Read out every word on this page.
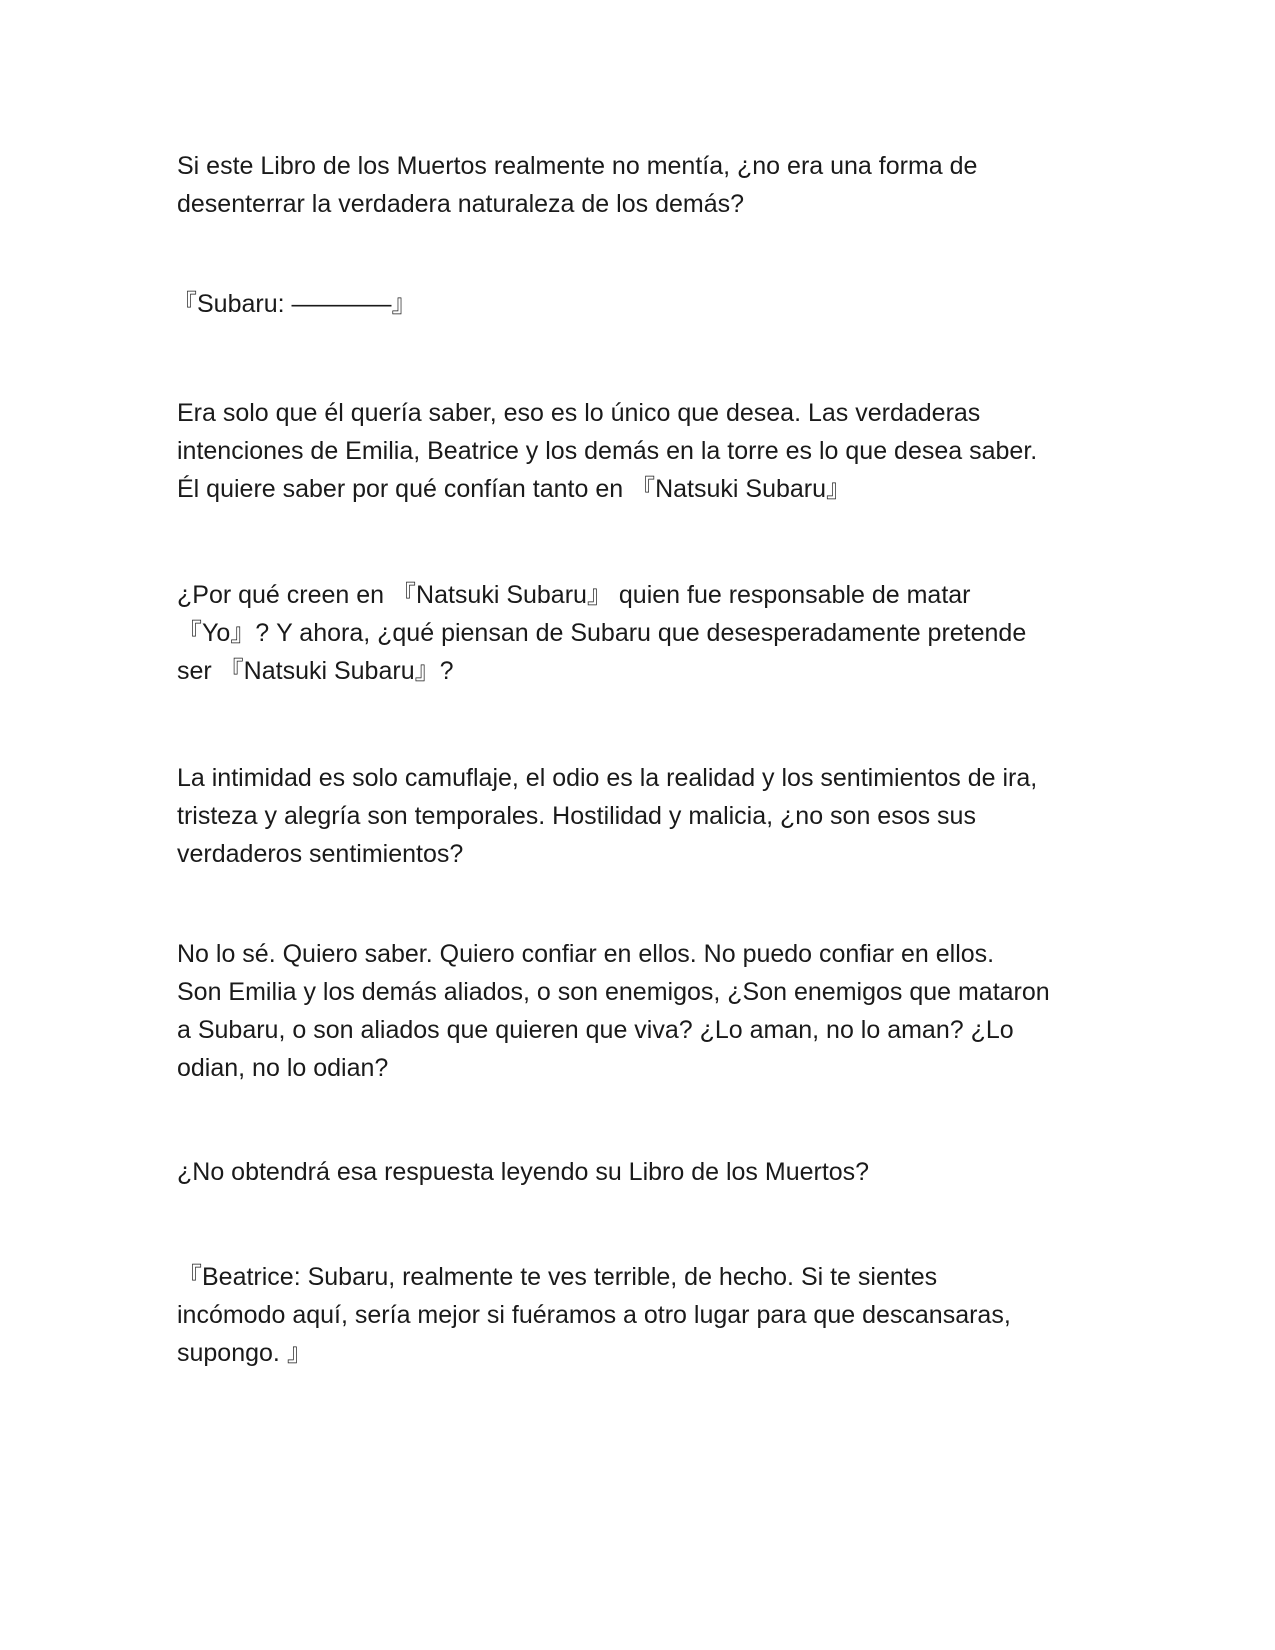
Si este Libro de los Muertos realmente no mentía, ¿no era una forma de
desenterrar la verdadera naturaleza de los demás?

『Subaru: ————』

Era solo que él quería saber, eso es lo único que desea. Las verdaderas
intenciones de Emilia, Beatrice y los demás en la torre es lo que desea saber.
Él quiere saber por qué confían tanto en 『Natsuki Subaru』

¿Por qué creen en 『Natsuki Subaru』 quien fue responsable de matar
『Yo』? Y ahora, ¿qué piensan de Subaru que desesperadamente pretende
ser 『Natsuki Subaru』?

La intimidad es solo camuflaje, el odio es la realidad y los sentimientos de ira,
tristeza y alegría son temporales. Hostilidad y malicia, ¿no son esos sus
verdaderos sentimientos?

No lo sé. Quiero saber. Quiero confiar en ellos. No puedo confiar en ellos.
Son Emilia y los demás aliados, o son enemigos, ¿Son enemigos que mataron
a Subaru, o son aliados que quieren que viva? ¿Lo aman, no lo aman? ¿Lo
odian, no lo odian?

¿No obtendrá esa respuesta leyendo su Libro de los Muertos?

『Beatrice: Subaru, realmente te ves terrible, de hecho. Si te sientes
incómodo aquí, sería mejor si fuéramos a otro lugar para que descansaras,
supongo. 』
